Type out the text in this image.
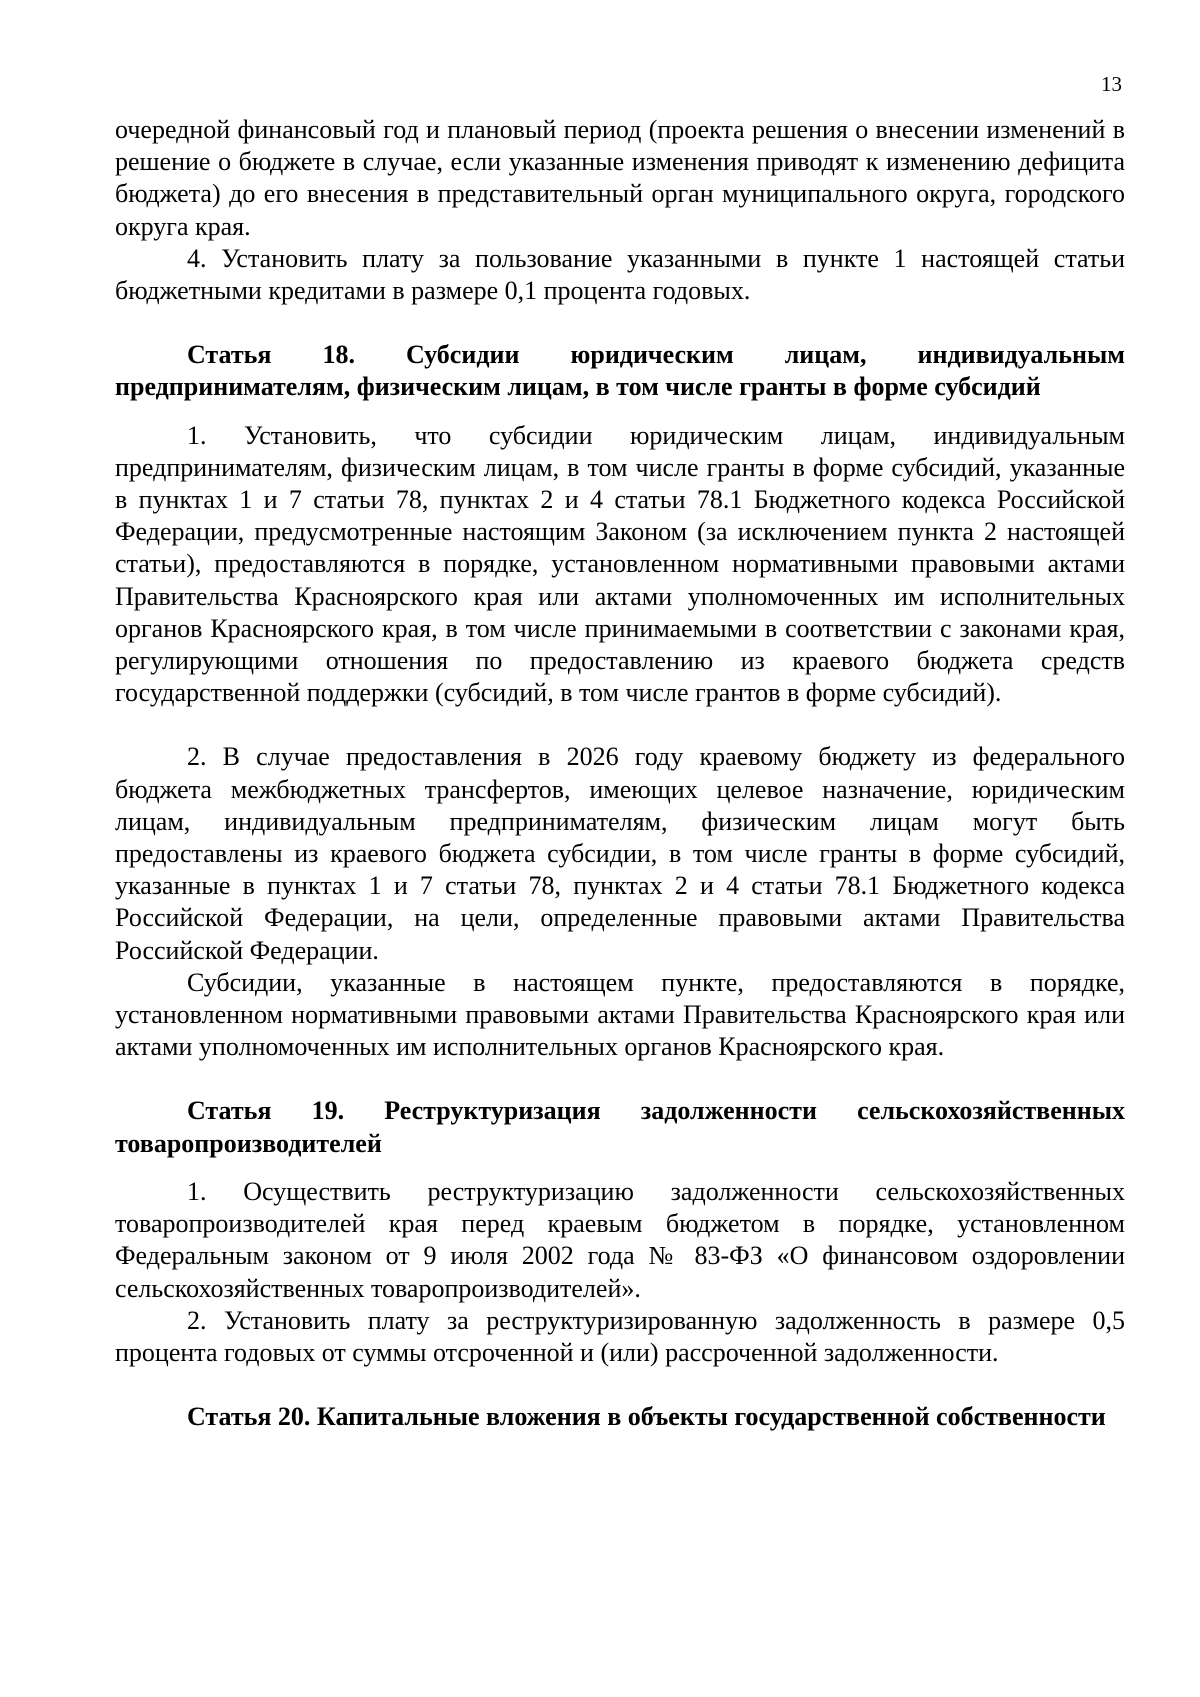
13

очередной финансовый год и плановый период (проекта решения о внесении изменений в решение о бюджете в случае, если указанные изменения приводят к изменению дефицита бюджета) до его внесения в представительный орган муниципального округа, городского округа края.

4. Установить плату за пользование указанными в пункте 1 настоящей статьи бюджетными кредитами в размере 0,1 процента годовых.

Статья 18. Субсидии юридическим лицам, индивидуальным предпринимателям, физическим лицам, в том числе гранты в форме субсидий

1. Установить, что субсидии юридическим лицам, индивидуальным предпринимателям, физическим лицам, в том числе гранты в форме субсидий, указанные в пунктах 1 и 7 статьи 78, пунктах 2 и 4 статьи 78.1 Бюджетного кодекса Российской Федерации, предусмотренные настоящим Законом (за исключением пункта 2 настоящей статьи), предоставляются в порядке, установленном нормативными правовыми актами Правительства Красноярского края или актами уполномоченных им исполнительных органов Красноярского края, в том числе принимаемыми в соответствии с законами края, регулирующими отношения по предоставлению из краевого бюджета средств государственной поддержки (субсидий, в том числе грантов в форме субсидий).

2. В случае предоставления в 2026 году краевому бюджету из федерального бюджета межбюджетных трансфертов, имеющих целевое назначение, юридическим лицам, индивидуальным предпринимателям, физическим лицам могут быть предоставлены из краевого бюджета субсидии, в том числе гранты в форме субсидий, указанные в пунктах 1 и 7 статьи 78, пунктах 2 и 4 статьи 78.1 Бюджетного кодекса Российской Федерации, на цели, определенные правовыми актами Правительства Российской Федерации.

Субсидии, указанные в настоящем пункте, предоставляются в порядке, установленном нормативными правовыми актами Правительства Красноярского края или актами уполномоченных им исполнительных органов Красноярского края.

Статья 19. Реструктуризация задолженности сельскохозяйственных товаропроизводителей

1. Осуществить реструктуризацию задолженности сельскохозяйственных товаропроизводителей края перед краевым бюджетом в порядке, установленном Федеральным законом от 9 июля 2002 года № 83-ФЗ «О финансовом оздоровлении сельскохозяйственных товаропроизводителей».

2. Установить плату за реструктуризированную задолженность в размере 0,5 процента годовых от суммы отсроченной и (или) рассроченной задолженности.

Статья 20. Капитальные вложения в объекты государственной собственности
